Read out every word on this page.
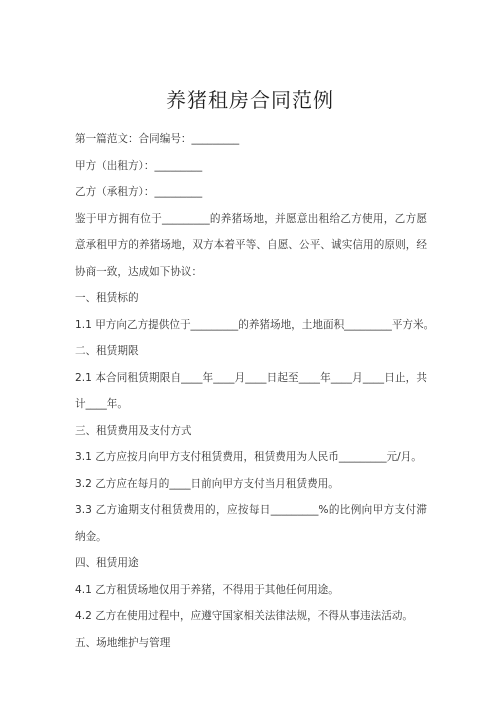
养猪租房合同范例

第一篇范文：合同编号：_________

甲方（出租方）：_________

乙方（承租方）：_________

鉴于甲方拥有位于_________的养猪场地，并愿意出租给乙方使用，乙方愿意承租甲方的养猪场地，双方本着平等、自愿、公平、诚实信用的原则，经协商一致，达成如下协议：

一、租赁标的

1.1 甲方向乙方提供位于_________的养猪场地，土地面积_________平方米。

二、租赁期限

2.1 本合同租赁期限自____年____月____日起至____年____月____日止，共计____年。

三、租赁费用及支付方式

3.1 乙方应按月向甲方支付租赁费用，租赁费用为人民币_________元/月。

3.2 乙方应在每月的____日前向甲方支付当月租赁费用。

3.3 乙方逾期支付租赁费用的，应按每日_________%的比例向甲方支付滞纳金。

四、租赁用途

4.1 乙方租赁场地仅用于养猪，不得用于其他任何用途。

4.2 乙方在使用过程中，应遵守国家相关法律法规，不得从事违法活动。

五、场地维护与管理
